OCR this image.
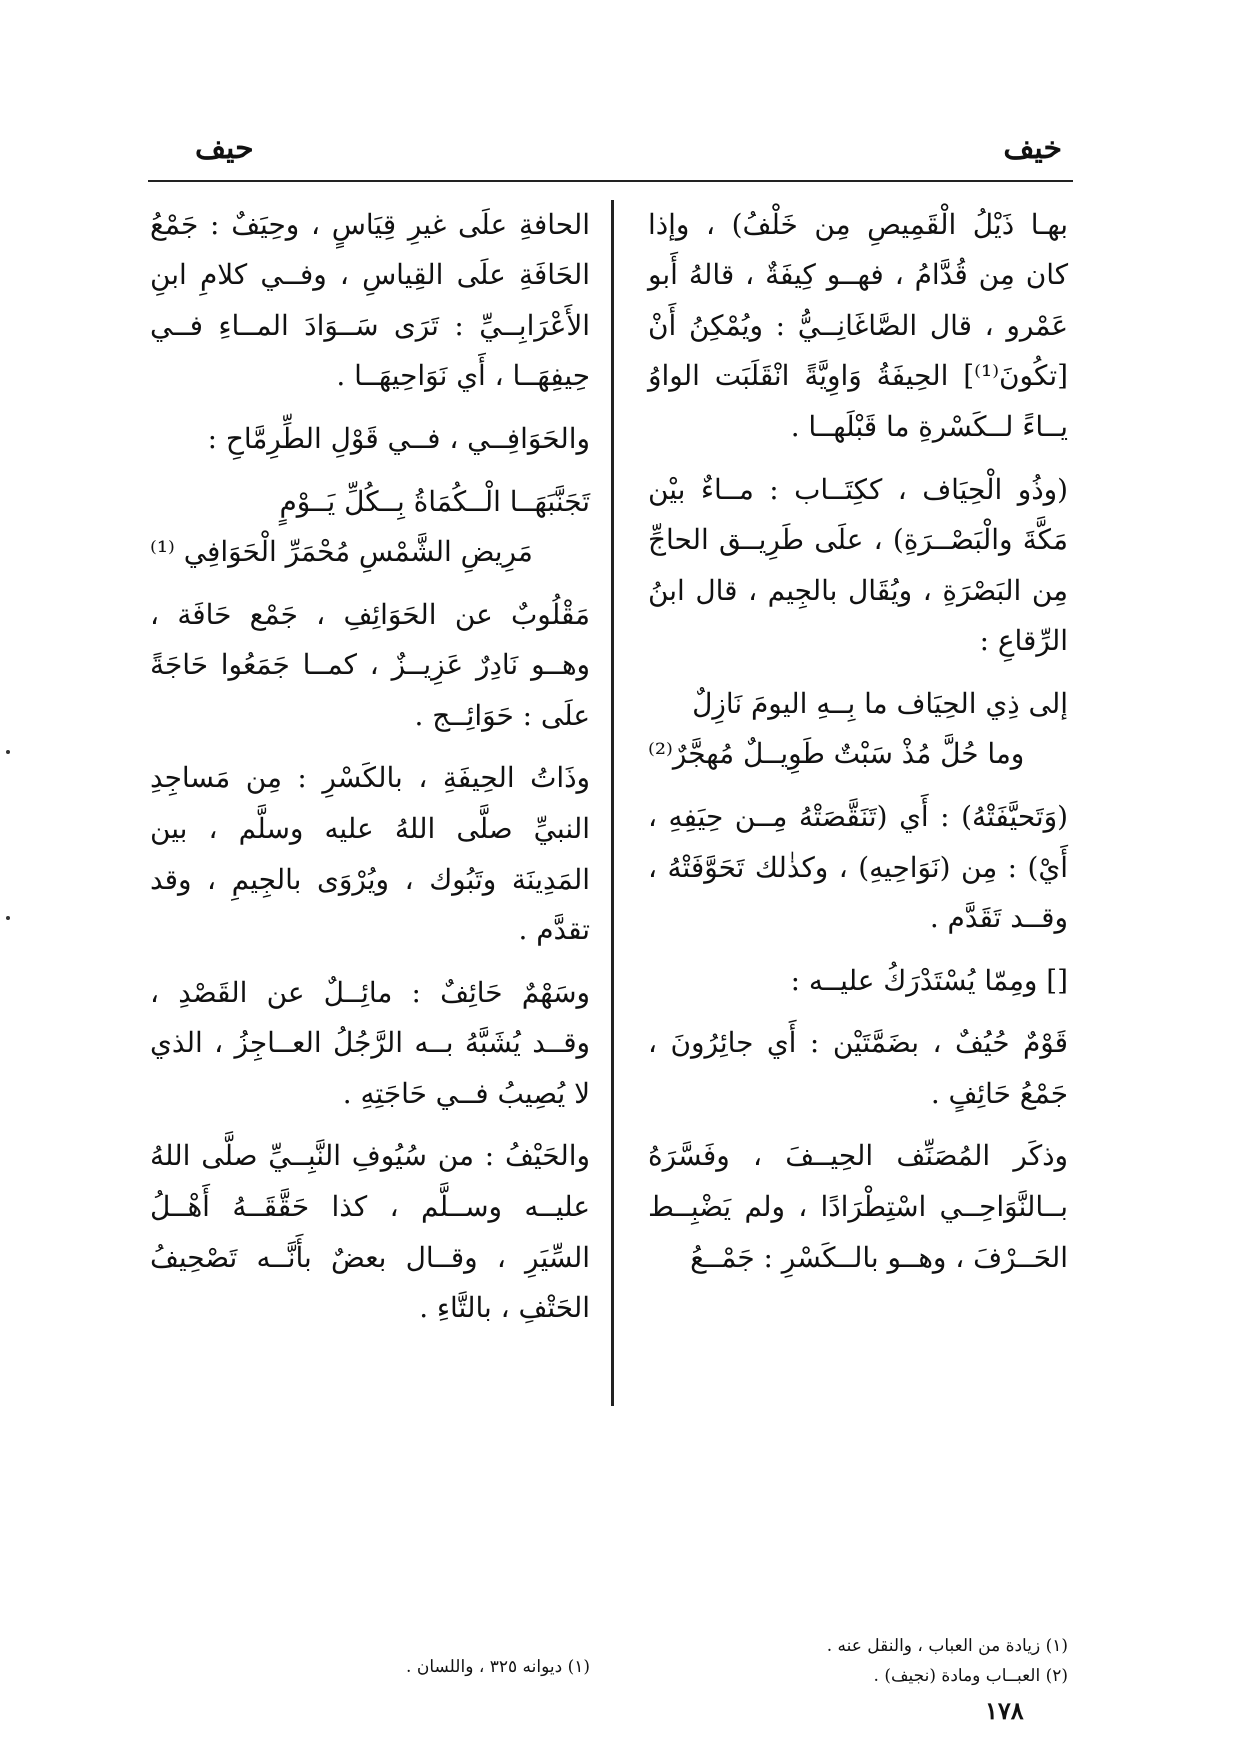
خيف
حيف

بهـا ذَيْلُ الْقَمِيصِ مِن خَلْفُ) ، وإذا كان مِن قُدَّامُ ، فهــو كِيفَةٌ ، قالهُ أَبو عَمْرو ، قال الصَّاغَانِــيُّ : ويُمْكِنُ أَنْ [تكُونَ⁽¹⁾] الحِيفَةُ وَاوِيَّةً انْقَلَبَت الواوُ يــاءً لــكَسْرةِ ما قَبْلَهــا .

(وذُو الْحِيَاف ، ككِتَــاب : مــاءٌ بيْن مَكَّةَ والْبَصْــرَةِ) ، علَى طَرِيــق الحاجِّ مِن البَصْرَةِ ، ويُقَال بالجِيم ، قال ابنُ الرِّقاعِ :

إلى ذِي الحِيَاف ما بِــهِ اليومَ نَازِلٌ
وما حُلَّ مُذْ سَبْتٌ طَوِيــلٌ مُهجَّرٌ⁽²⁾

(وَتَحيَّفَتْهُ) : أَي (تَنَقَّصَتْهُ مِــن حِيَفِهِ ، أَيْ) : مِن (نَوَاحِيهِ) ، وكذٰلك تَحَوَّفَتْهُ ، وقــد تَقَدَّم .

[] ومِمّا يُسْتَدْرَكُ عليــه :

قَوْمٌ حُيُفٌ ، بضَمَّتَيْن : أَي جائِرُونَ ، جَمْعُ حَائِفٍ .

وذكَر المُصَنِّف الحِيــفَ ، وفَسَّرَهُ بــالنَّوَاحِــي اسْتِطْرَادًا ، ولم يَضْبِــط الحَــرْفَ ، وهــو بالــكَسْرِ : جَمْــعُ

الحافةِ علَى غيرِ قِيَاسٍ ، وحِيَفٌ : جَمْعُ الحَافَةِ علَى القِياسِ ، وفــي كلامِ ابنِ الأَعْرَابِــيِّ : تَرَى سَــوَادَ المــاءِ فــي حِيفِهَــا ، أَي نَوَاحِيهَــا .

والحَوَافِــي ، فــي قَوْلِ الطِّرِمَّاحِ :

تَجَنَّبَهَــا الْــكُمَاةُ بِــكُلِّ يَــوْمٍ
مَرِيضِ الشَّمْسِ مُحْمَرِّ الْحَوَافِي ⁽¹⁾

مَقْلُوبٌ عن الحَوَائِفِ ، جَمْع حَافَة ، وهــو نَادِرٌ عَزِيــزٌ ، كمــا جَمَعُوا حَاجَةً علَى : حَوَائِــج .

وذَاتُ الحِيفَةِ ، بالكَسْرِ : مِن مَساجِدِ النبيِّ صلَّى اللهُ عليه وسلَّم ، بين المَدِينَة وتَبُوك ، ويُرْوَى بالجِيمِ ، وقد تقدَّم .

وسَهْمٌ حَائِفٌ : مائِــلٌ عن القَصْدِ ، وقــد يُشَبَّهُ بــه الرَّجُلُ العــاجِزُ ، الذي لا يُصِيبُ فــي حَاجَتِهِ .

والحَيْفُ : من سُيُوفِ النَّبِــيِّ صلَّى اللهُ عليــه وســلَّم ، كذا حَقَّقَــهُ أَهْــلُ السِّيَرِ ، وقــال بعضٌ بأَنَّــه تَصْحِيفُ الحَتْفِ ، بالتَّاءِ .

(١) زيادة من العباب ، والنقل عنه .
(٢) العبــاب ومادة (نجيف) .
(١) ديوانه ٣٢٥ ، واللسان .
١٧٨
